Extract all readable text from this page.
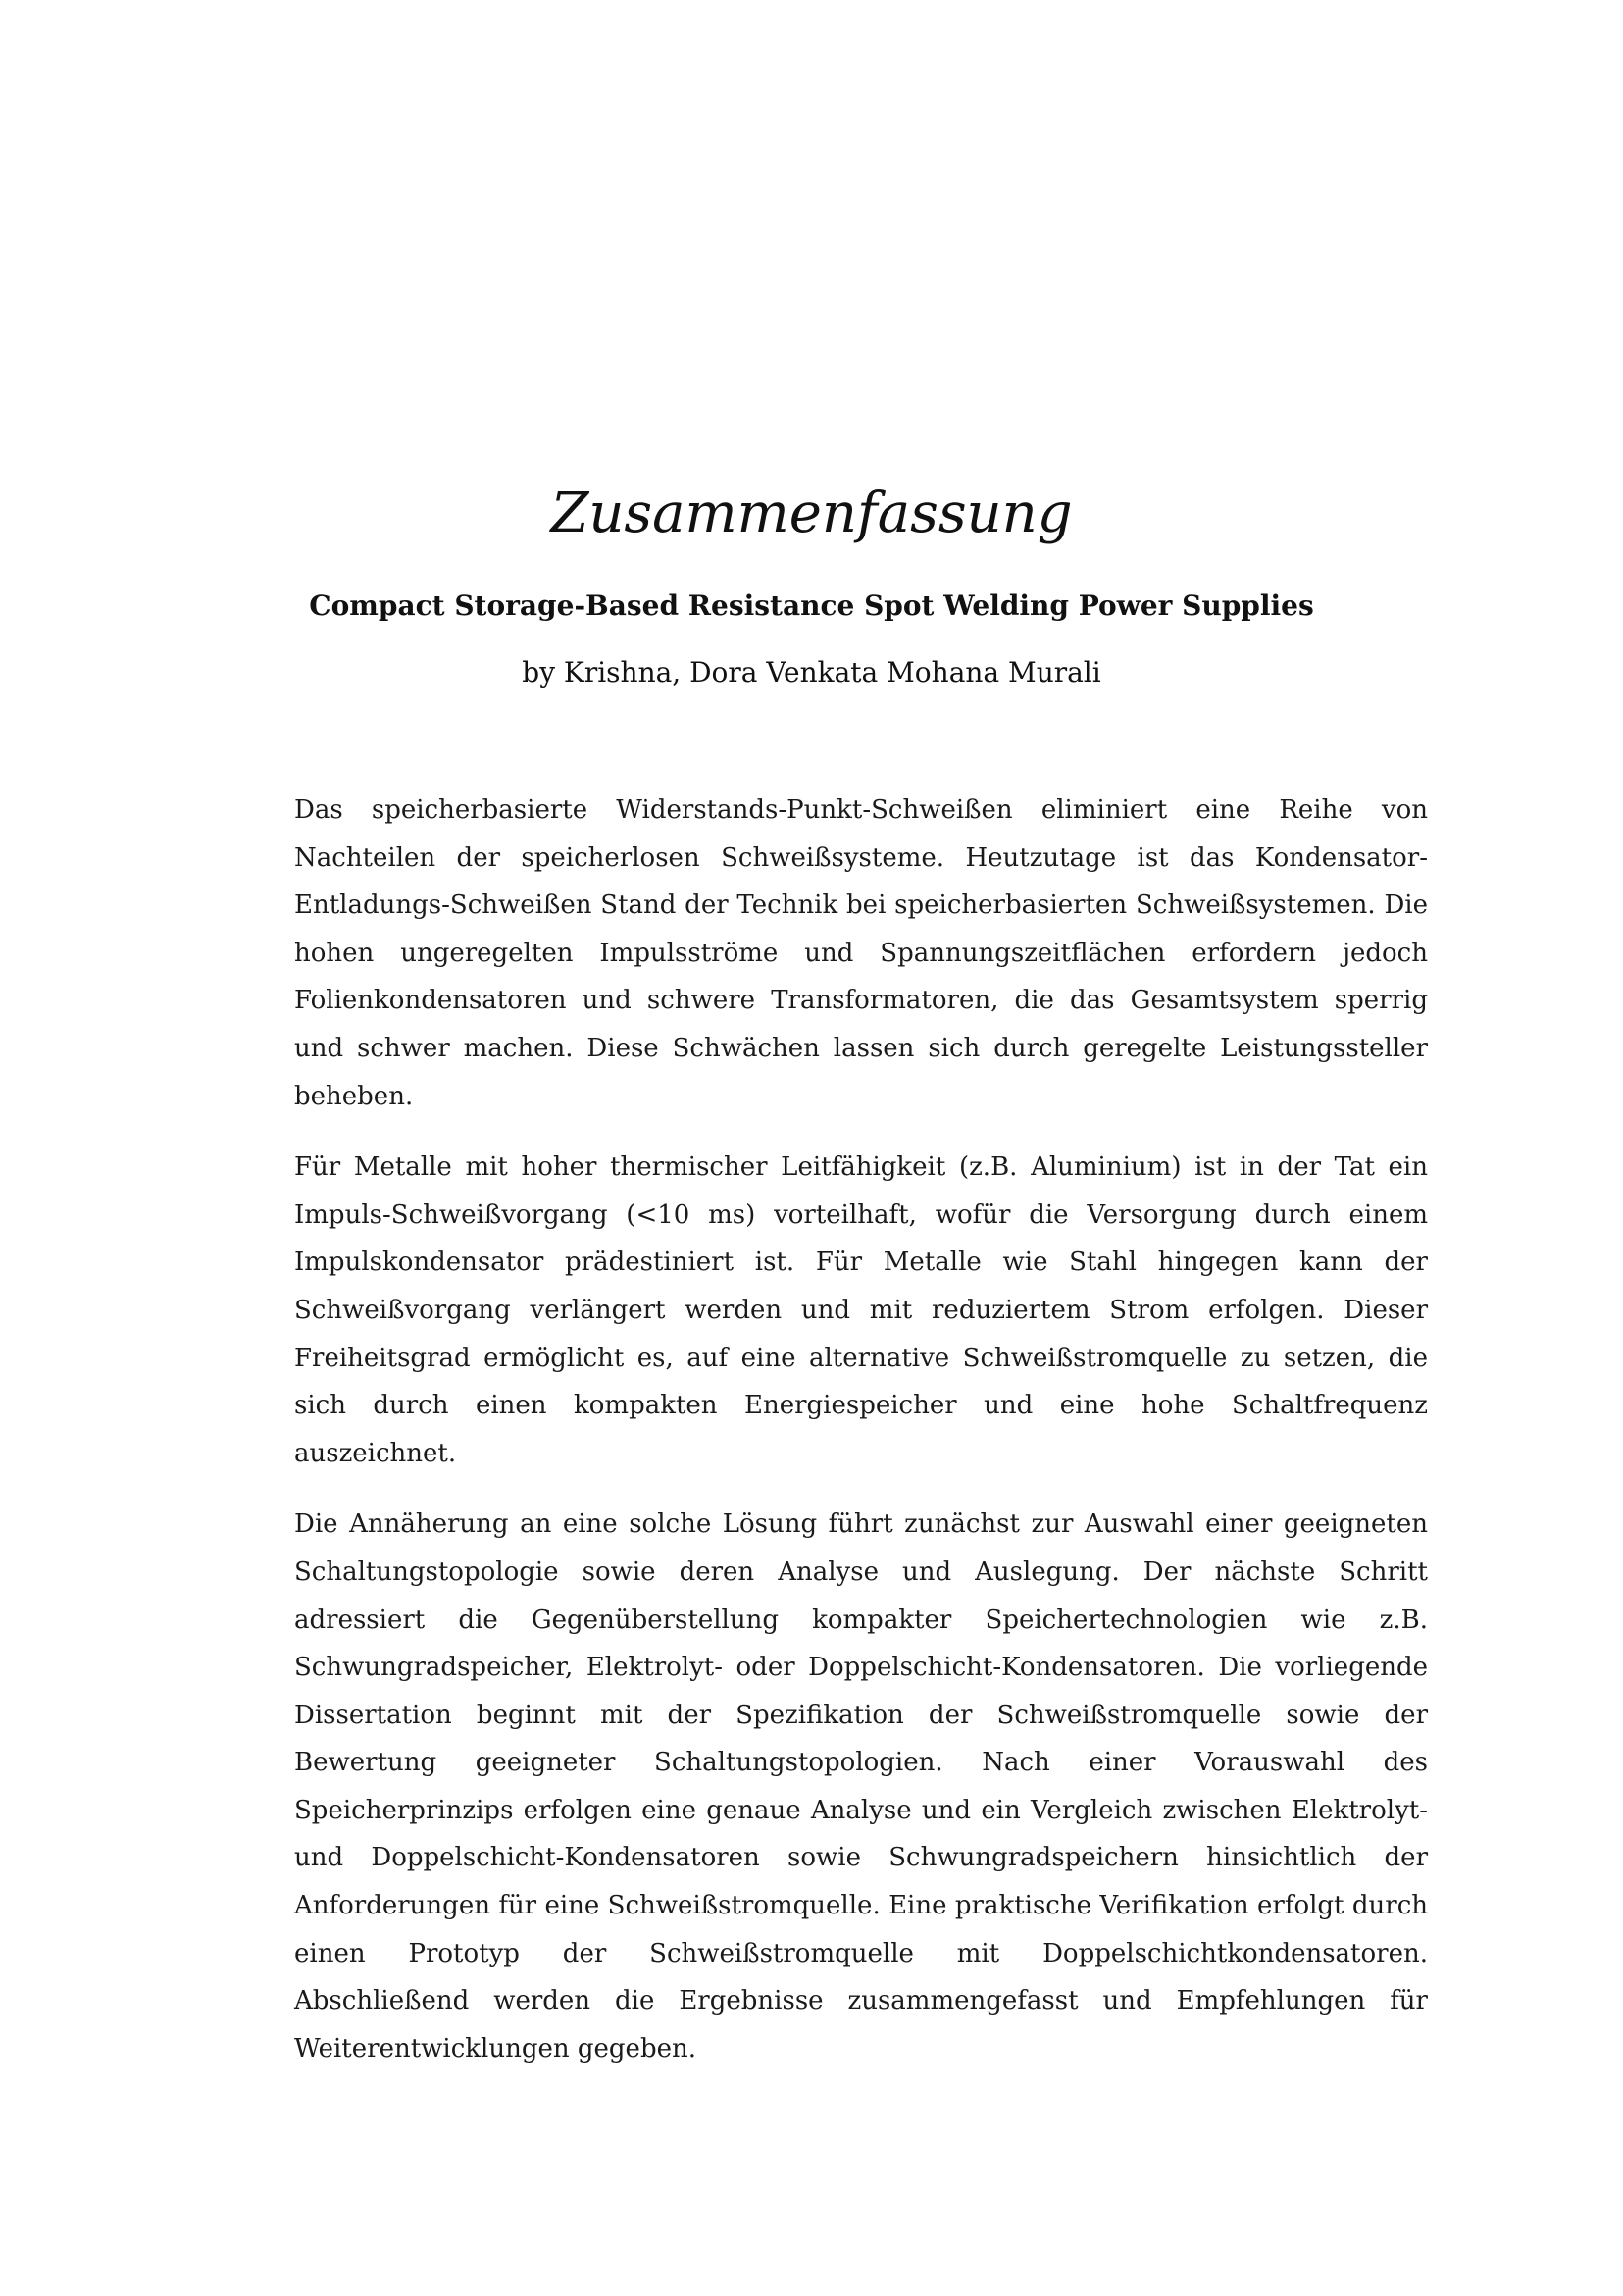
Zusammenfassung
Compact Storage-Based Resistance Spot Welding Power Supplies
by Krishna, Dora Venkata Mohana Murali

Das speicherbasierte Widerstands-Punkt-Schweißen eliminiert eine Reihe von Nachteilen der speicherlosen Schweißsysteme. Heutzutage ist das Kondensator-Entladungs-Schweißen Stand der Technik bei speicherbasierten Schweißsystemen. Die hohen ungeregelten Impulsströme und Spannungszeitflächen erfordern jedoch Folienkondensatoren und schwere Transformatoren, die das Gesamtsystem sperrig und schwer machen. Diese Schwächen lassen sich durch geregelte Leistungssteller beheben.

Für Metalle mit hoher thermischer Leitfähigkeit (z.B. Aluminium) ist in der Tat ein Impuls-Schweißvorgang (<10 ms) vorteilhaft, wofür die Versorgung durch einem Impulskondensator prädestiniert ist. Für Metalle wie Stahl hingegen kann der Schweißvorgang verlängert werden und mit reduziertem Strom erfolgen. Dieser Freiheitsgrad ermöglicht es, auf eine alternative Schweißstromquelle zu setzen, die sich durch einen kompakten Energiespeicher und eine hohe Schaltfrequenz auszeichnet.

Die Annäherung an eine solche Lösung führt zunächst zur Auswahl einer geeigneten Schaltungstopologie sowie deren Analyse und Auslegung. Der nächste Schritt adressiert die Gegenüberstellung kompakter Speichertechnologien wie z.B. Schwungradspeicher, Elektrolyt- oder Doppelschicht-Kondensatoren. Die vorliegende Dissertation beginnt mit der Spezifikation der Schweißstromquelle sowie der Bewertung geeigneter Schaltungstopologien. Nach einer Vorauswahl des Speicherprinzips erfolgen eine genaue Analyse und ein Vergleich zwischen Elektrolyt- und Doppelschicht-Kondensatoren sowie Schwungradspeichern hinsichtlich der Anforderungen für eine Schweißstromquelle. Eine praktische Verifikation erfolgt durch einen Prototyp der Schweißstromquelle mit Doppelschichtkondensatoren. Abschließend werden die Ergebnisse zusammengefasst und Empfehlungen für Weiterentwicklungen gegeben.
